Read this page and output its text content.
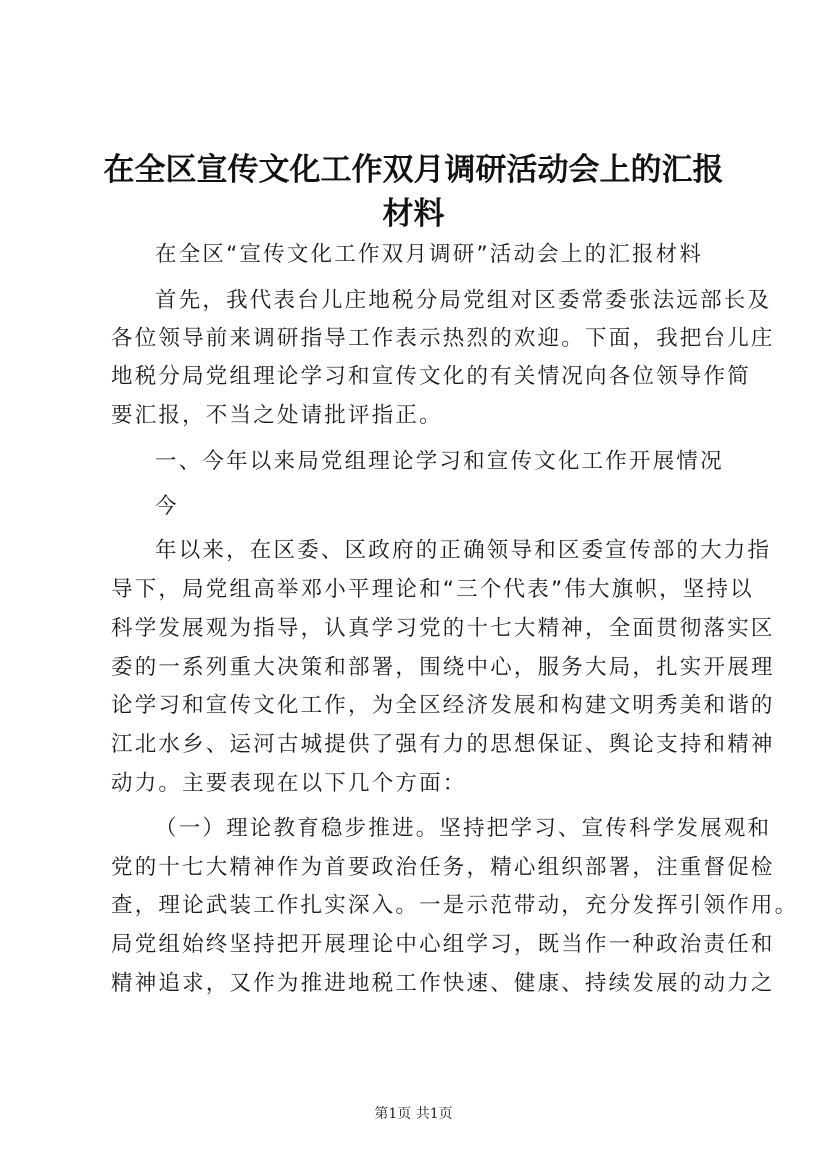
在全区宣传文化工作双月调研活动会上的汇报
材料

在全区“宣传文化工作双月调研”活动会上的汇报材料

首先，我代表台儿庄地税分局党组对区委常委张法远部长及

各位领导前来调研指导工作表示热烈的欢迎。下面，我把台儿庄

地税分局党组理论学习和宣传文化的有关情况向各位领导作简

要汇报，不当之处请批评指正。

一、今年以来局党组理论学习和宣传文化工作开展情况

今

年以来，在区委、区政府的正确领导和区委宣传部的大力指

导下，局党组高举邓小平理论和“三个代表”伟大旗帜，坚持以

科学发展观为指导，认真学习党的十七大精神，全面贯彻落实区

委的一系列重大决策和部署，围绕中心，服务大局，扎实开展理

论学习和宣传文化工作，为全区经济发展和构建文明秀美和谐的

江北水乡、运河古城提供了强有力的思想保证、舆论支持和精神

动力。主要表现在以下几个方面：

（一）理论教育稳步推进。坚持把学习、宣传科学发展观和

党的十七大精神作为首要政治任务，精心组织部署，注重督促检

查，理论武装工作扎实深入。一是示范带动，充分发挥引领作用。

局党组始终坚持把开展理论中心组学习，既当作一种政治责任和

精神追求，又作为推进地税工作快速、健康、持续发展的动力之

第1页 共1页
